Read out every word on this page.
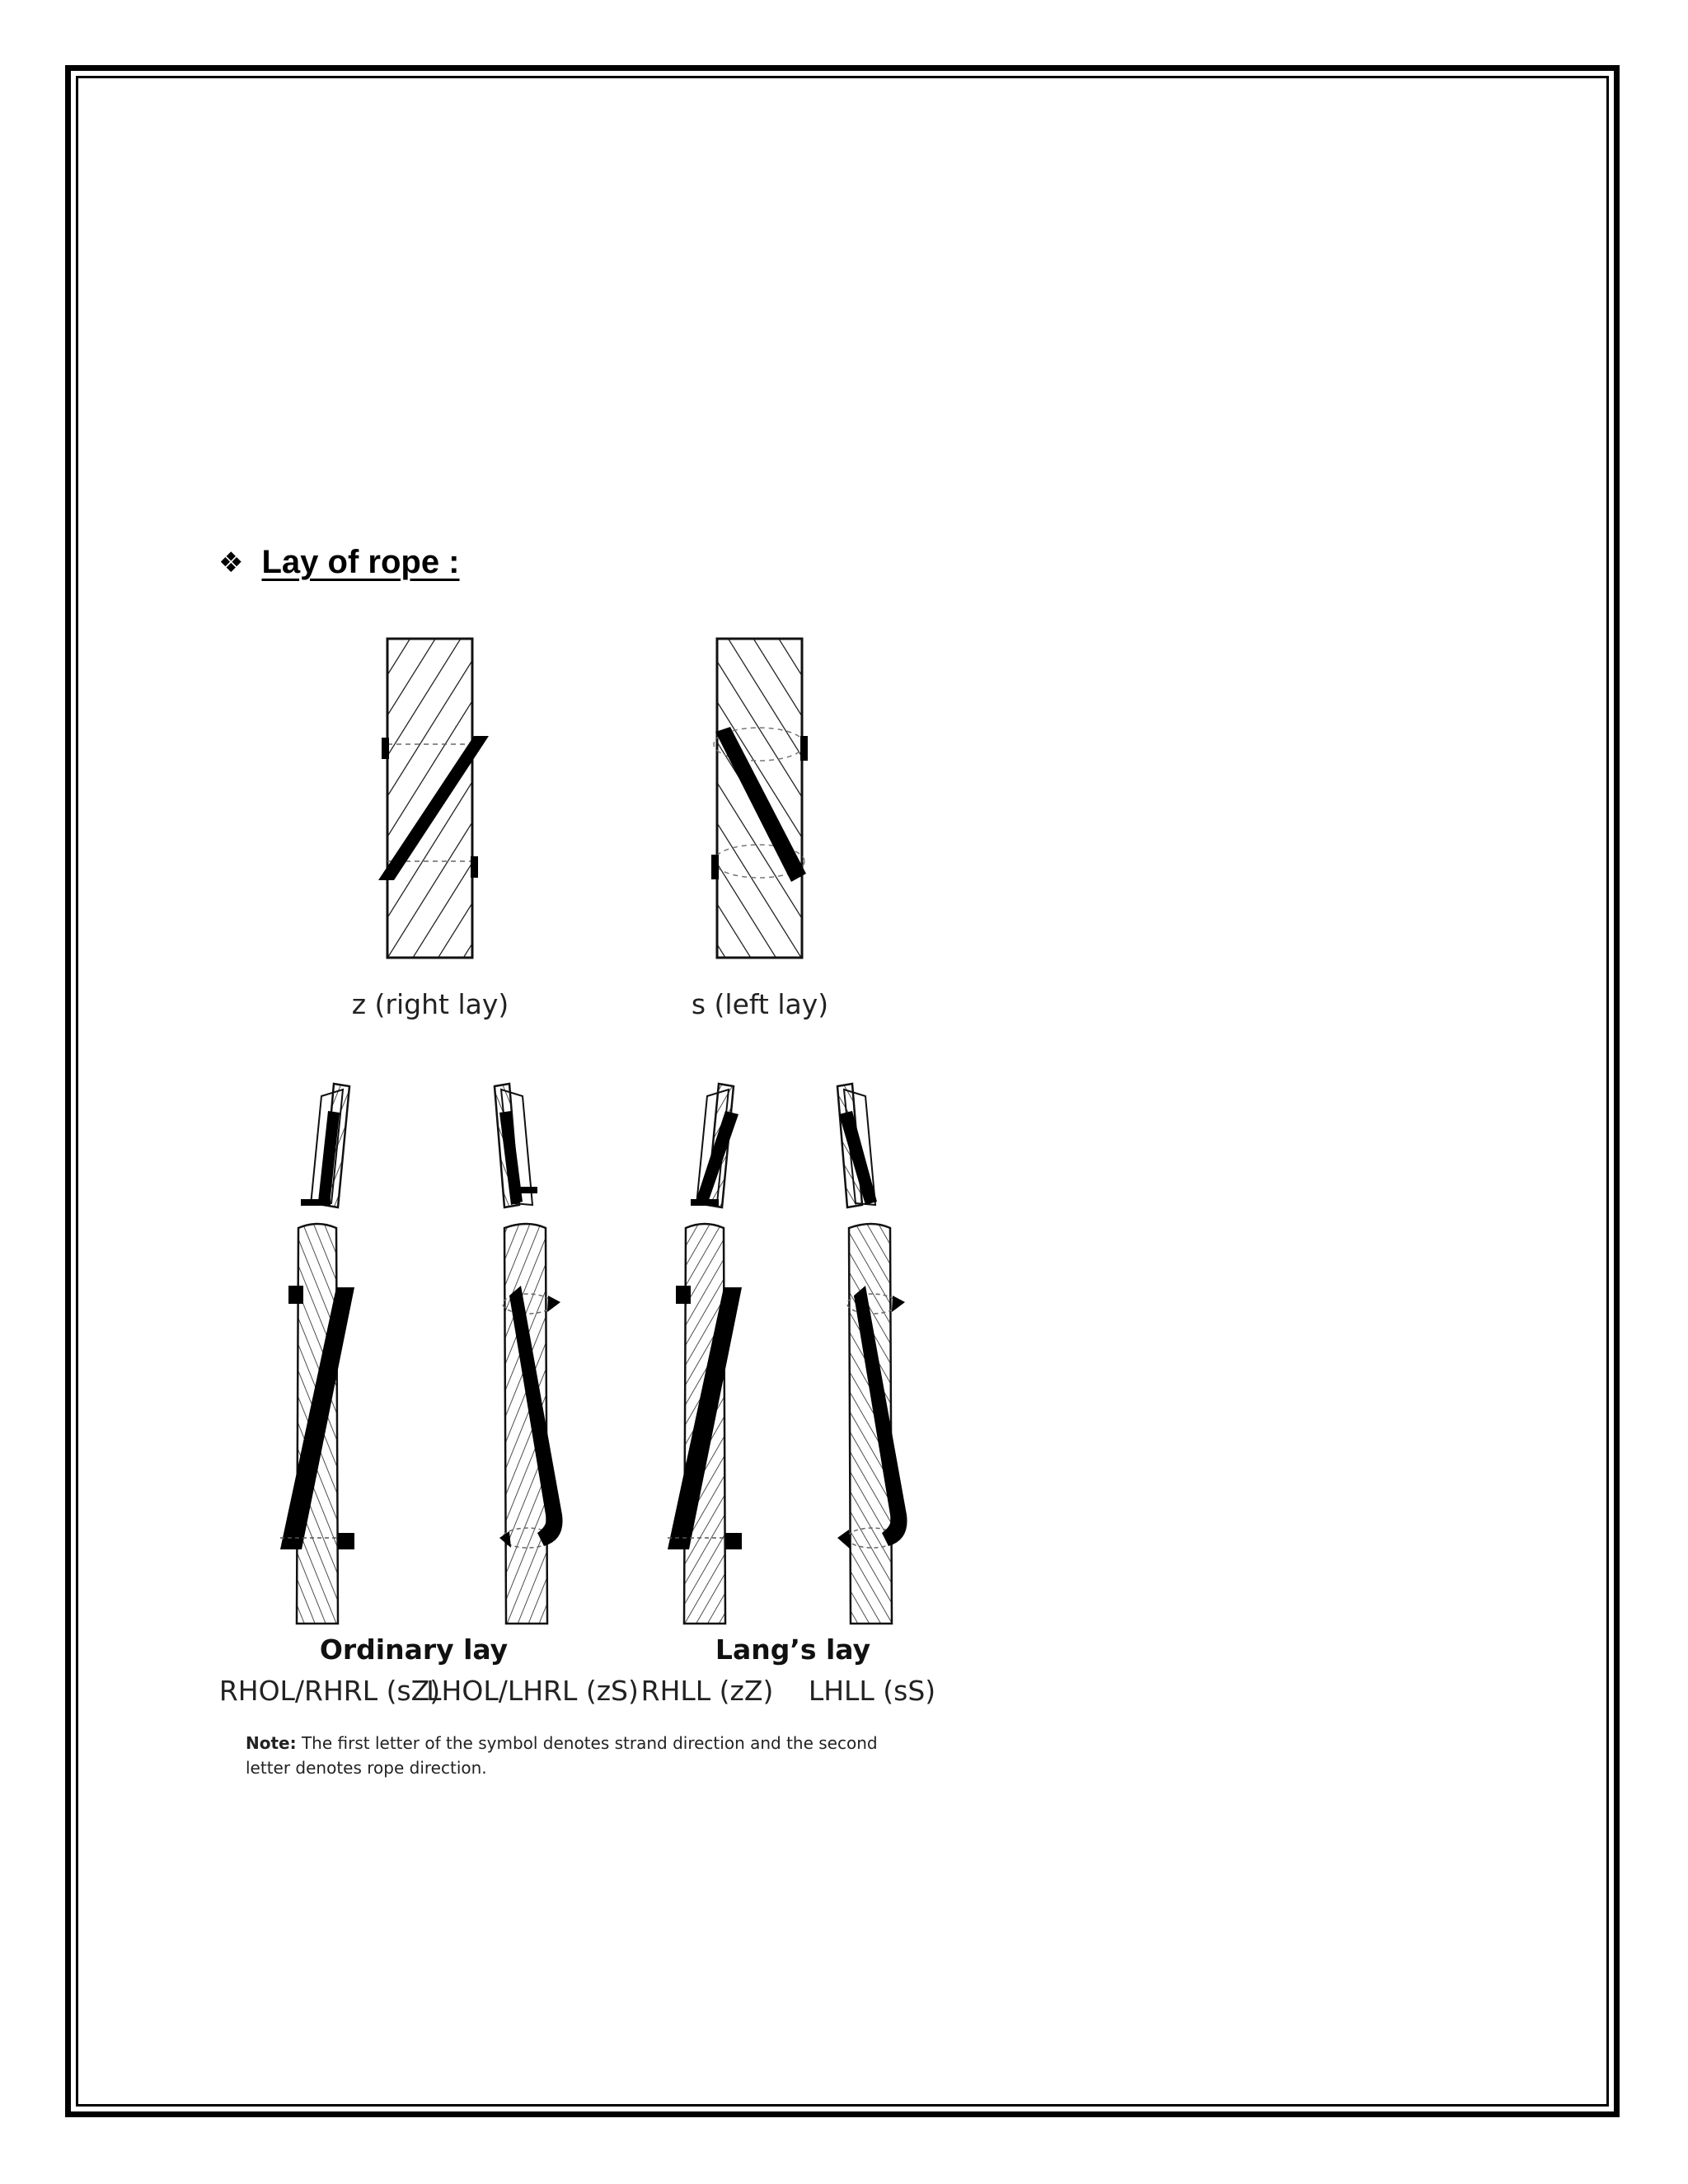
❖ Lay of rope :
z (right lay)	s (left lay)
Ordinary lay	Lang’s lay
RHOL/RHRL (sZ)
LHOL/LHRL (zS) RHLL (zZ) LHLL (sS)
Note: The first letter of the symbol denotes strand direction and the second letter denotes rope direction.
